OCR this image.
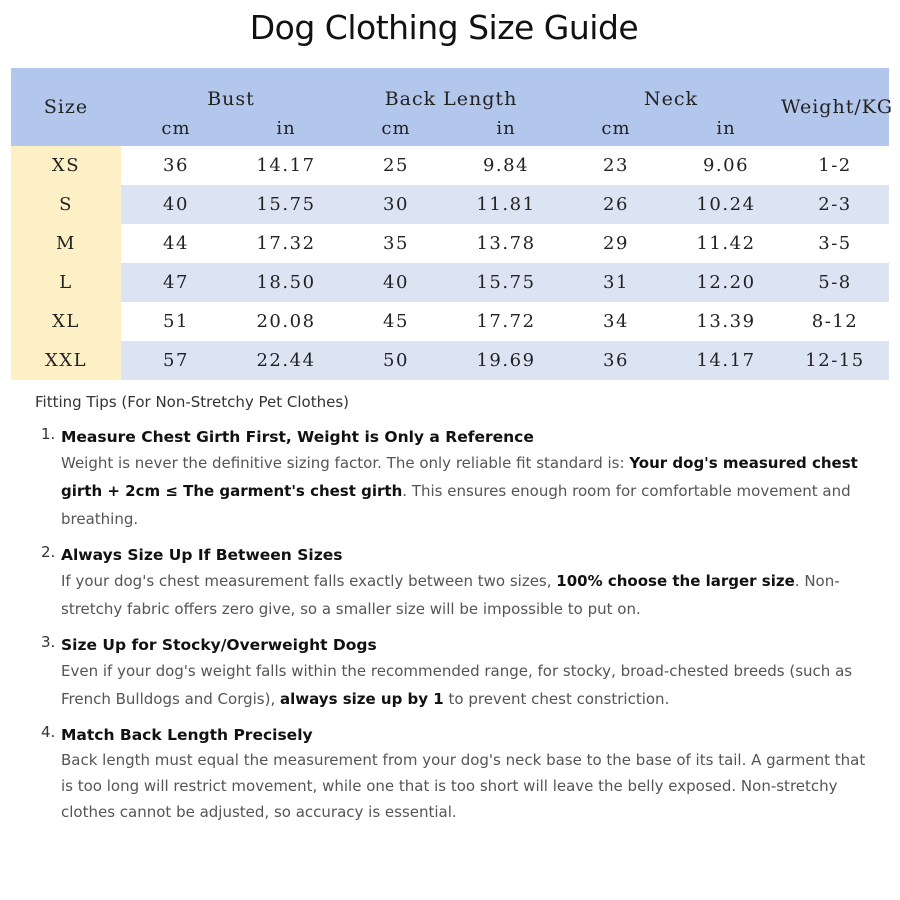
Dog Clothing Size Guide
Size	Bust		Back Length		Neck		Weight/KG
	cm	in	cm	in	cm	in	
XS	36	14.17	25	9.84	23	9.06	1-2
S	40	15.75	30	11.81	26	10.24	2-3
M	44	17.32	35	13.78	29	11.42	3-5
L	47	18.50	40	15.75	31	12.20	5-8
XL	51	20.08	45	17.72	34	13.39	8-12
XXL	57	22.44	50	19.69	36	14.17	12-15
Fitting Tips (For Non-Stretchy Pet Clothes)
1. Measure Chest Girth First, Weight is Only a Reference
Weight is never the definitive sizing factor. The only reliable fit standard is: Your dog's measured chest girth + 2cm ≤ The garment's chest girth. This ensures enough room for comfortable movement and breathing.
2. Always Size Up If Between Sizes
If your dog's chest measurement falls exactly between two sizes, 100% choose the larger size. Non-stretchy fabric offers zero give, so a smaller size will be impossible to put on.
3. Size Up for Stocky/Overweight Dogs
Even if your dog's weight falls within the recommended range, for stocky, broad-chested breeds (such as French Bulldogs and Corgis), always size up by 1 to prevent chest constriction.
4. Match Back Length Precisely
Back length must equal the measurement from your dog's neck base to the base of its tail. A garment that is too long will restrict movement, while one that is too short will leave the belly exposed. Non-stretchy clothes cannot be adjusted, so accuracy is essential.
